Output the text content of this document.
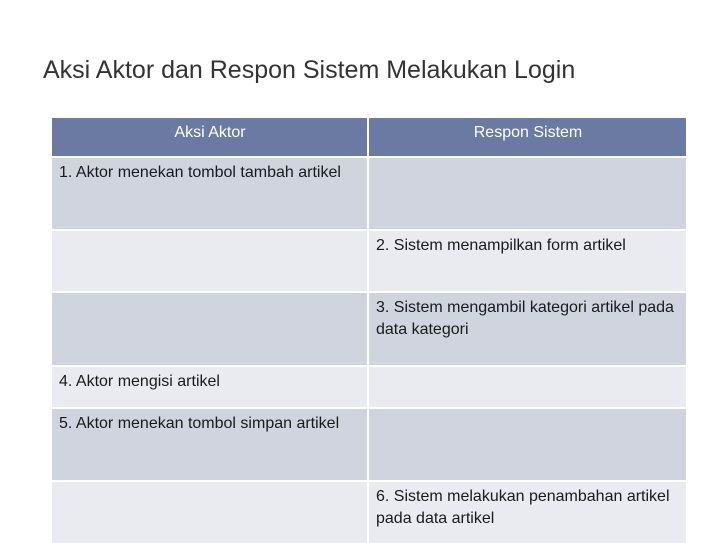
Aksi Aktor dan Respon Sistem Melakukan Login
Aksi Aktor	Respon Sistem
1. Aktor menekan tombol tambah artikel
2. Sistem menampilkan form artikel
3. Sistem mengambil kategori artikel pada data kategori
4. Aktor mengisi artikel
5. Aktor menekan tombol simpan artikel
6. Sistem melakukan penambahan artikel pada data artikel
